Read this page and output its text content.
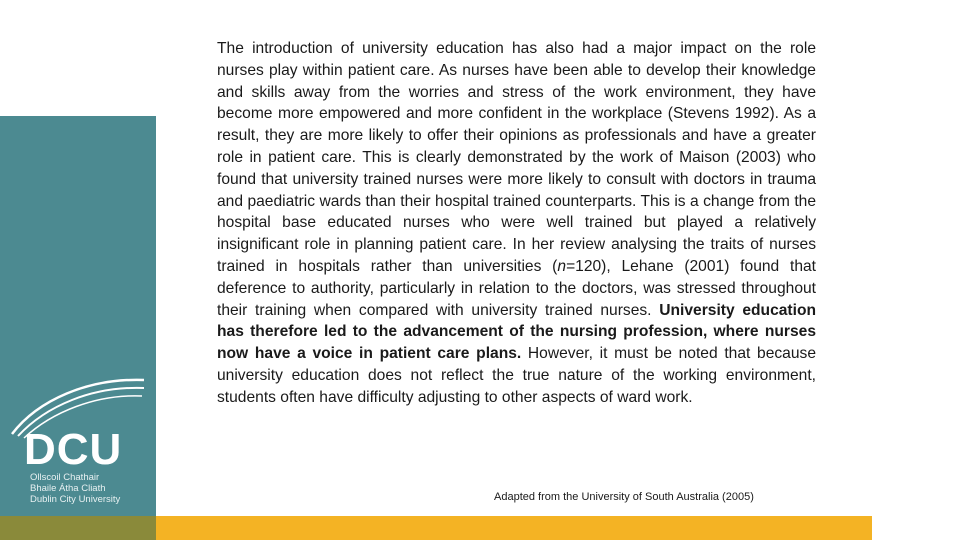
DCU
Ollscoil Chathair
Bhaile Átha Cliath
Dublin City University
The introduction of university education has also had a major impact on the role nurses play within patient care. As nurses have been able to develop their knowledge and skills away from the worries and stress of the work environment, they have become more empowered and more confident in the workplace (Stevens 1992). As a result, they are more likely to offer their opinions as professionals and have a greater role in patient care. This is clearly demonstrated by the work of Maison (2003) who found that university trained nurses were more likely to consult with doctors in trauma and paediatric wards than their hospital trained counterparts. This is a change from the hospital base educated nurses who were well trained but played a relatively insignificant role in planning patient care. In her review analysing the traits of nurses trained in hospitals rather than universities (n=120), Lehane (2001) found that deference to authority, particularly in relation to the doctors, was stressed throughout their training when compared with university trained nurses. University education has therefore led to the advancement of the nursing profession, where nurses now have a voice in patient care plans. However, it must be noted that because university education does not reflect the true nature of the working environment, students often have difficulty adjusting to other aspects of ward work.
Adapted from the University of South Australia (2005)
